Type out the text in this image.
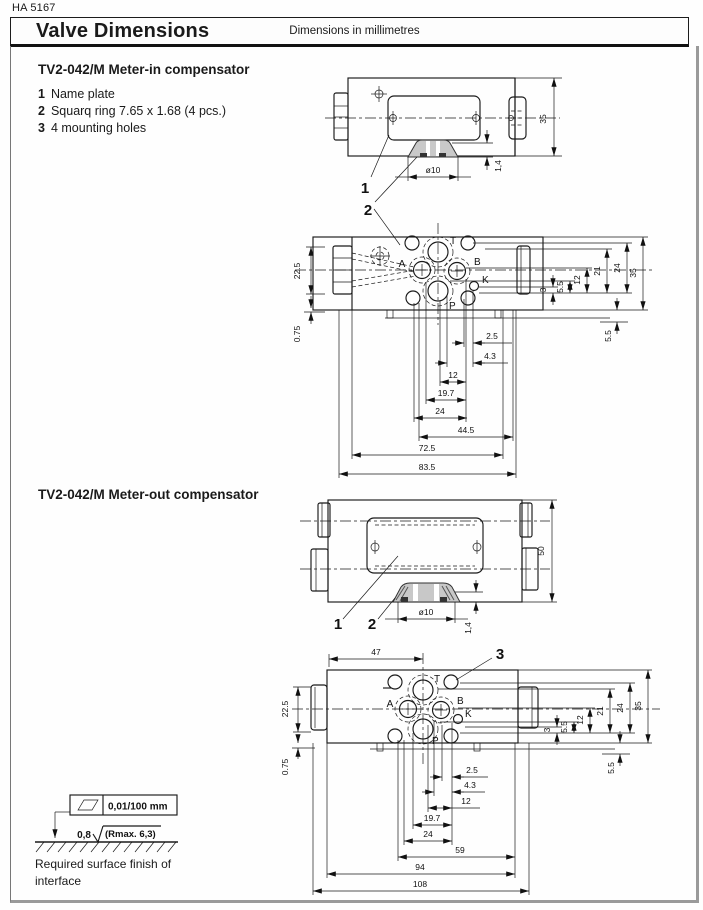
HA 5167
Valve Dimensions	Dimensions in millimetres
TV2-042/M Meter-in compensator
1 Name plate
2 Squarq ring 7.65 x 1.68 (4 pcs.)
3 4 mounting holes
35
ø10	1,4
1
2
T
A	B
K
P
22.5
0.75
3 5.5
12
21 24
35
5.5
2.5
4.3
12
19.7
24
44.5
72.5
83.5
TV2-042/M Meter-out compensator
50
ø10
1,4
1 2
T
A	B
K
P
3
47
22.5
0.75
3 5.5
12
21 24 35
5.5
2.5
4.3
12
19.7
24
59
94
108
0,01/100 mm
0,8 (Rmax. 6,3)
Required surface finish of
interface
